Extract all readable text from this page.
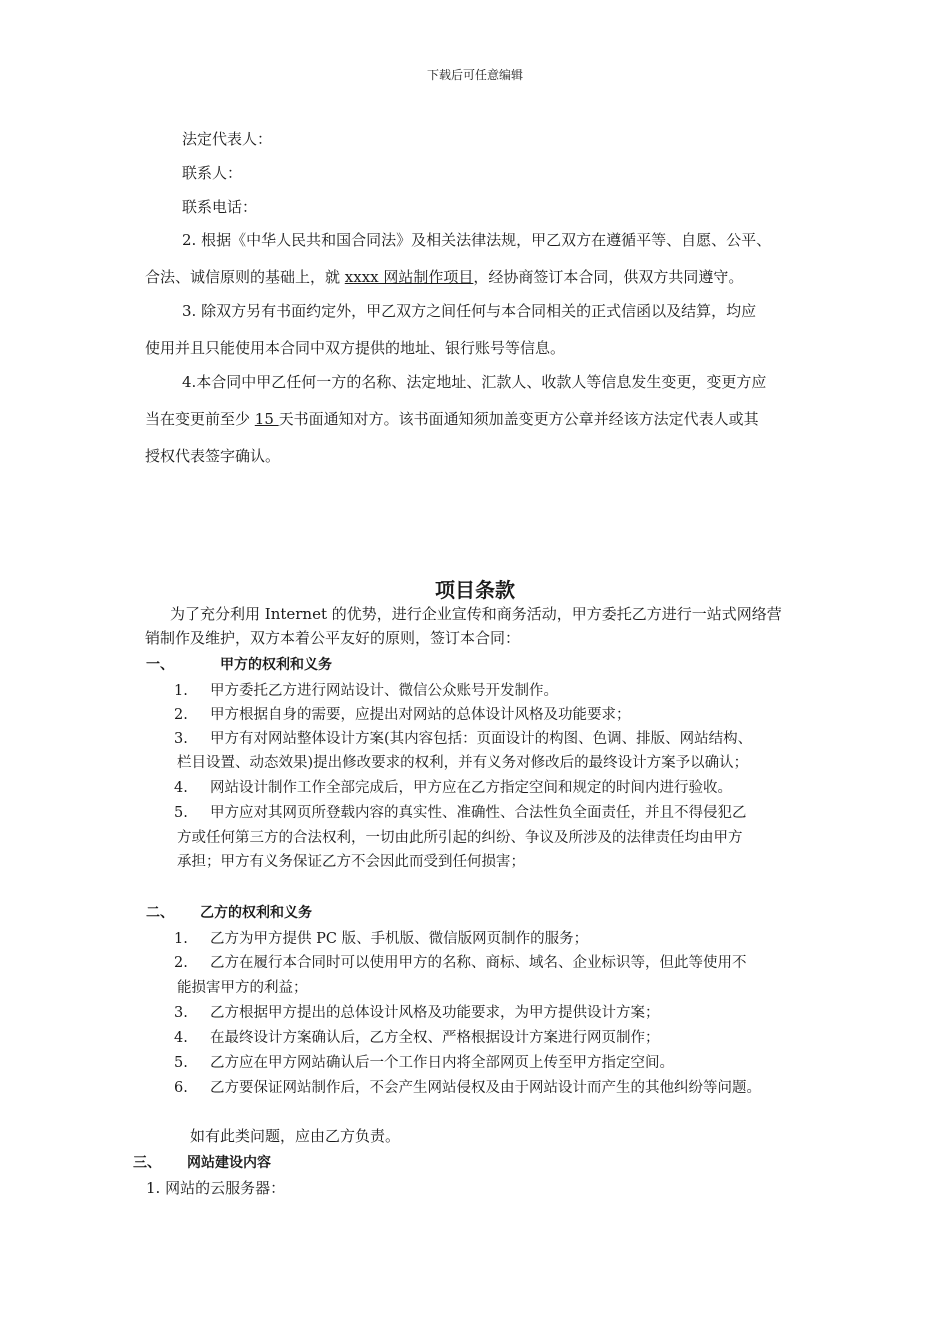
下载后可任意编辑
法定代表人：
联系人：
联系电话：
2. 根据《中华人民共和国合同法》及相关法律法规，甲乙双方在遵循平等、自愿、公平、
合法、诚信原则的基础上，就 xxxx 网站制作项目，经协商签订本合同，供双方共同遵守。
3. 除双方另有书面约定外，甲乙双方之间任何与本合同相关的正式信函以及结算，均应
使用并且只能使用本合同中双方提供的地址、银行账号等信息。
4.本合同中甲乙任何一方的名称、法定地址、汇款人、收款人等信息发生变更，变更方应
当在变更前至少 15 天书面通知对方。该书面通知须加盖变更方公章并经该方法定代表人或其
授权代表签字确认。
项目条款
为了充分利用 Internet 的优势，进行企业宣传和商务活动，甲方委托乙方进行一站式网络营
销制作及维护，双方本着公平友好的原则，签订本合同：
一、	甲方的权利和义务
1. 甲方委托乙方进行网站设计、微信公众账号开发制作。
2. 甲方根据自身的需要，应提出对网站的总体设计风格及功能要求；
3. 甲方有对网站整体设计方案(其内容包括：页面设计的构图、色调、排版、网站结构、
栏目设置、动态效果)提出修改要求的权利，并有义务对修改后的最终设计方案予以确认；
4. 网站设计制作工作全部完成后，甲方应在乙方指定空间和规定的时间内进行验收。
5. 甲方应对其网页所登载内容的真实性、准确性、合法性负全面责任，并且不得侵犯乙
方或任何第三方的合法权利，一切由此所引起的纠纷、争议及所涉及的法律责任均由甲方
承担；甲方有义务保证乙方不会因此而受到任何损害；
二、 乙方的权利和义务
1. 乙方为甲方提供 PC 版、手机版、微信版网页制作的服务；
2. 乙方在履行本合同时可以使用甲方的名称、商标、域名、企业标识等，但此等使用不
能损害甲方的利益；
3. 乙方根据甲方提出的总体设计风格及功能要求，为甲方提供设计方案；
4. 在最终设计方案确认后，乙方全权、严格根据设计方案进行网页制作；
5. 乙方应在甲方网站确认后一个工作日内将全部网页上传至甲方指定空间。
6. 乙方要保证网站制作后，不会产生网站侵权及由于网站设计而产生的其他纠纷等问题。
如有此类问题，应由乙方负责。
三、 网站建设内容
1. 网站的云服务器：
